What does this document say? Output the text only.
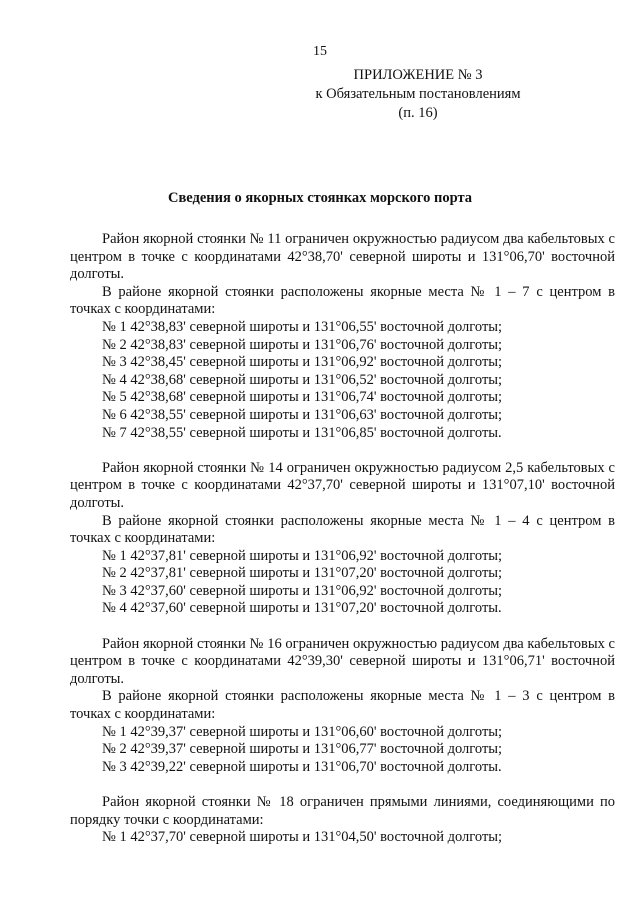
15
ПРИЛОЖЕНИЕ № 3
к Обязательным постановлениям
(п. 16)
Сведения о якорных стоянках морского порта

Район якорной стоянки № 11 ограничен окружностью радиусом два кабельтовых с центром в точке с координатами 42°38,70' северной широты и 131°06,70' восточной долготы.

В районе якорной стоянки расположены якорные места № 1 – 7 с центром в точках с координатами:

№ 1 42°38,83' северной широты и 131°06,55' восточной долготы;

№ 2 42°38,83' северной широты и 131°06,76' восточной долготы;

№ 3 42°38,45' северной широты и 131°06,92' восточной долготы;

№ 4 42°38,68' северной широты и 131°06,52' восточной долготы;

№ 5 42°38,68' северной широты и 131°06,74' восточной долготы;

№ 6 42°38,55' северной широты и 131°06,63' восточной долготы;

№ 7 42°38,55' северной широты и 131°06,85' восточной долготы.

Район якорной стоянки № 14 ограничен окружностью радиусом 2,5 кабельтовых с центром в точке с координатами 42°37,70' северной широты и 131°07,10' восточной долготы.

В районе якорной стоянки расположены якорные места № 1 – 4 с центром в точках с координатами:

№ 1 42°37,81' северной широты и 131°06,92' восточной долготы;

№ 2 42°37,81' северной широты и 131°07,20' восточной долготы;

№ 3 42°37,60' северной широты и 131°06,92' восточной долготы;

№ 4 42°37,60' северной широты и 131°07,20' восточной долготы.

Район якорной стоянки № 16 ограничен окружностью радиусом два кабельтовых с центром в точке с координатами 42°39,30' северной широты и 131°06,71' восточной долготы.

В районе якорной стоянки расположены якорные места № 1 – 3 с центром в точках с координатами:

№ 1 42°39,37' северной широты и 131°06,60' восточной долготы;

№ 2 42°39,37' северной широты и 131°06,77' восточной долготы;

№ 3 42°39,22' северной широты и 131°06,70' восточной долготы.

Район якорной стоянки № 18 ограничен прямыми линиями, соединяющими по порядку точки с координатами:

№ 1 42°37,70' северной широты и 131°04,50' восточной долготы;
